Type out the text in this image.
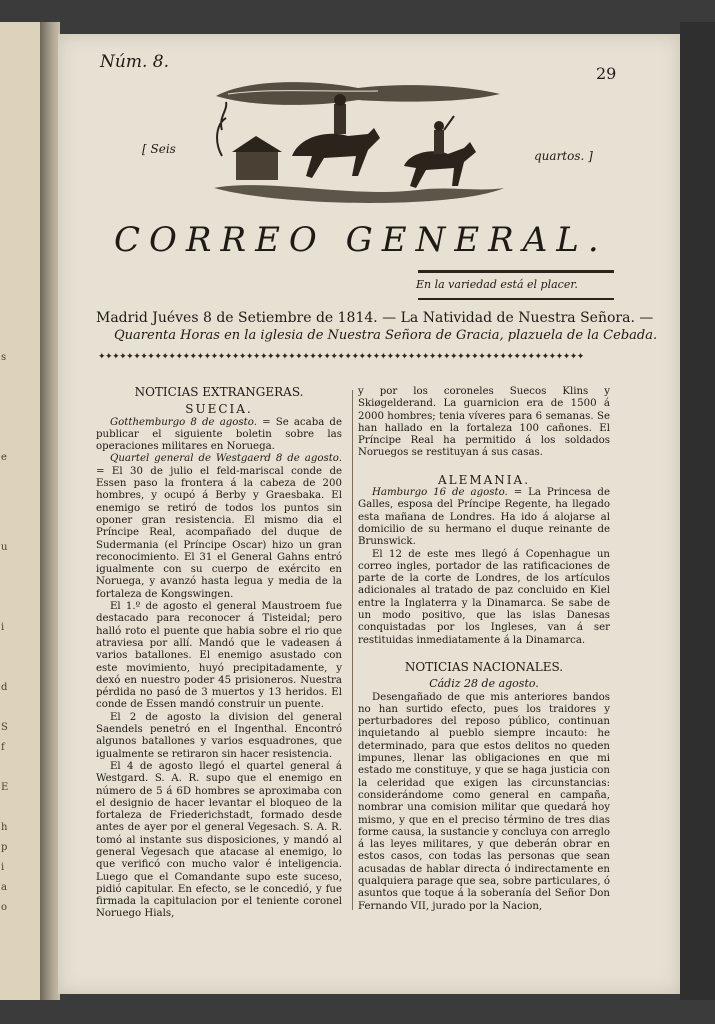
s
e
u
i
d
S
f
E
h
p
i
a
o
Núm. 8.
29
[ Seis	quartos. ]
CORREO GENERAL.
En la variedad está el placer.
Madrid Juéves 8 de Setiembre de 1814. — La Natividad de Nuestra Señora. —
Quarenta Horas en la iglesia de Nuestra Señora de Gracia, plazuela de la Cebada.
✦✦✦✦✦✦✦✦✦✦✦✦✦✦✦✦✦✦✦✦✦✦✦✦✦✦✦✦✦✦✦✦✦✦✦✦✦✦✦✦✦✦✦✦✦✦✦✦✦✦✦✦✦✦✦✦✦✦✦✦✦✦✦✦✦✦✦✦✦

NOTICIAS EXTRANGERAS.

SUECIA.

Gotthemburgo 8 de agosto. = Se acaba de publicar el siguiente boletin sobre las operaciones militares en Noruega.

Quartel general de Westgaerd 8 de agosto. = El 30 de julio el feld-mariscal conde de Essen paso la frontera á la cabeza de 200 hombres, y ocupó á Berby y Graesbaka. El enemigo se retiró de todos los puntos sin oponer gran resistencia. El mismo dia el Príncipe Real, acompañado del duque de Sudermania (el Príncipe Oscar) hizo un gran reconocimiento. El 31 el General Gahns entró igualmente con su cuerpo de exército en Noruega, y avanzó hasta legua y media de la fortaleza de Kongswingen.

El 1.º de agosto el general Maustroem fue destacado para reconocer á Tisteidal; pero halló roto el puente que habia sobre el rio que atraviesa por allí. Mandó que le vadeasen á varios batallones. El enemigo asustado con este movimiento, huyó precipitadamente, y dexó en nuestro poder 45 prisioneros. Nuestra pérdida no pasó de 3 muertos y 13 heridos. El conde de Essen mandó construir un puente.

El 2 de agosto la division del general Saendels penetró en el Ingenthal. Encontró algunos batallones y varios esquadrones, que igualmente se retiraron sin hacer resistencia.

El 4 de agosto llegó el quartel general á Westgard. S. A. R. supo que el enemigo en número de 5 á 6D hombres se aproximaba con el designio de hacer levantar el bloqueo de la fortaleza de Friederichstadt, formado desde antes de ayer por el general Vegesach. S. A. R. tomó al instante sus disposiciones, y mandó al general Vegesach que atacase al enemigo, lo que verificó con mucho valor é inteligencia. Luego que el Comandante supo este suceso, pidió capitular. En efecto, se le concedió, y fue firmada la capitulacion por el teniente coronel Noruego Hials,

y por los coroneles Suecos Klins y Skiøgelderand. La guarnicion era de 1500 á 2000 hombres; tenia víveres para 6 semanas. Se han hallado en la fortaleza 100 cañones. El Príncipe Real ha permitido á los soldados Noruegos se restituyan á sus casas.

ALEMANIA.

Hamburgo 16 de agosto. = La Princesa de Galles, esposa del Príncipe Regente, ha llegado esta mañana de Londres. Ha ido á alojarse al domicilio de su hermano el duque reinante de Brunswick.

El 12 de este mes llegó á Copenhague un correo ingles, portador de las ratificaciones de parte de la corte de Londres, de los artículos adicionales al tratado de paz concluido en Kiel entre la Inglaterra y la Dinamarca. Se sabe de un modo positivo, que las islas Danesas conquistadas por los Ingleses, van á ser restituidas inmediatamente á la Dinamarca.

NOTICIAS NACIONALES.

Cádiz 28 de agosto.

Desengañado de que mis anteriores bandos no han surtido efecto, pues los traidores y perturbadores del reposo público, continuan inquietando al pueblo siempre incauto: he determinado, para que estos delitos no queden impunes, llenar las obligaciones en que mi estado me constituye, y que se haga justicia con la celeridad que exigen las circunstancias: considerándome como general en campaña, nombrar una comision militar que quedará hoy mismo, y que en el preciso término de tres dias forme causa, la sustancie y concluya con arreglo á las leyes militares, y que deberán obrar en estos casos, con todas las personas que sean acusadas de hablar directa ó indirectamente en qualquiera parage que sea, sobre particulares, ó asuntos que toque á la soberanía del Señor Don Fernando VII, jurado por la Nacion,
